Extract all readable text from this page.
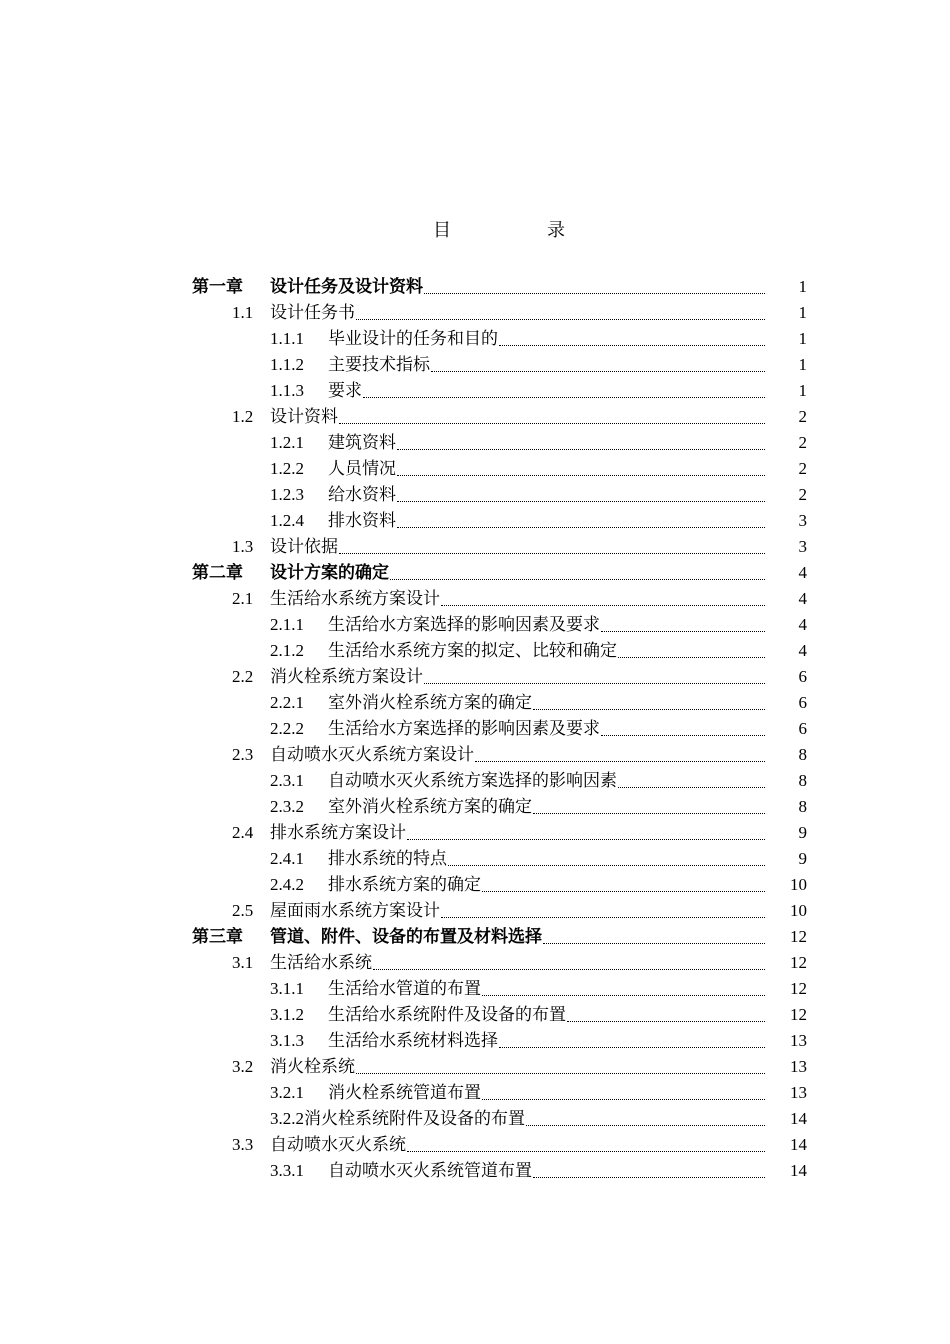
目	录
第一章 设计任务及设计资料	1
1.1 设计任务书	1
1.1.1 毕业设计的任务和目的	1
1.1.2 主要技术指标	1
1.1.3 要求	1
1.2 设计资料	2
1.2.1 建筑资料	2
1.2.2 人员情况	2
1.2.3 给水资料	2
1.2.4 排水资料	3
1.3 设计依据	3
第二章 设计方案的确定	4
2.1 生活给水系统方案设计	4
2.1.1 生活给水方案选择的影响因素及要求	4
2.1.2 生活给水系统方案的拟定、比较和确定	4
2.2 消火栓系统方案设计	6
2.2.1 室外消火栓系统方案的确定	6
2.2.2 生活给水方案选择的影响因素及要求	6
2.3 自动喷水灭火系统方案设计	8
2.3.1 自动喷水灭火系统方案选择的影响因素	8
2.3.2 室外消火栓系统方案的确定	8
2.4 排水系统方案设计	9
2.4.1 排水系统的特点	9
2.4.2 排水系统方案的确定	10
2.5 屋面雨水系统方案设计	10
第三章 管道、附件、设备的布置及材料选择	12
3.1 生活给水系统	12
3.1.1 生活给水管道的布置	12
3.1.2 生活给水系统附件及设备的布置	12
3.1.3 生活给水系统材料选择	13
3.2 消火栓系统	13
3.2.1 消火栓系统管道布置	13
3.2.2消火栓系统附件及设备的布置	14
3.3 自动喷水灭火系统	14
3.3.1 自动喷水灭火系统管道布置	14
